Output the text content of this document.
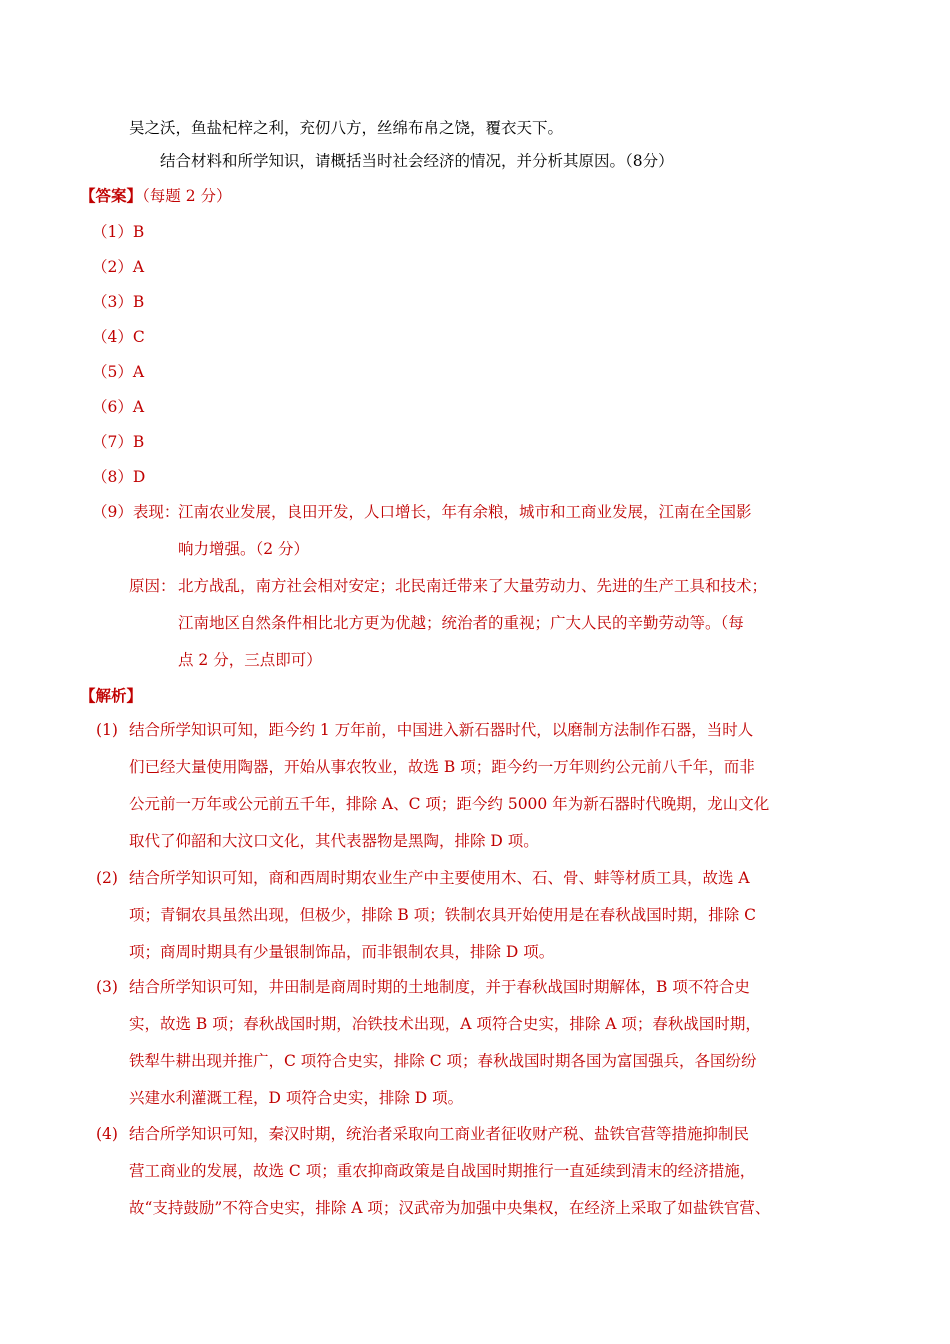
吴之沃，鱼盐杞梓之利，充仞八方，丝绵布帛之饶，覆衣天下。
结合材料和所学知识，请概括当时社会经济的情况，并分析其原因。（8分）
【答案】（每题 2 分）
（1）B
（2）A
（3）B
（4）C
（5）A
（6）A
（7）B
（8）D
（9）表现：
江南农业发展，良田开发，人口增长，年有余粮，城市和工商业发展，江南在全国影
响力增强。（2 分）
原因： 北方战乱，南方社会相对安定；北民南迁带来了大量劳动力、先进的生产工具和技术；
江南地区自然条件相比北方更为优越；统治者的重视；广大人民的辛勤劳动等。（每
点 2 分，三点即可）
【解析】
(1) 结合所学知识可知，距今约 1 万年前，中国进入新石器时代，以磨制方法制作石器，当时人
们已经大量使用陶器，开始从事农牧业，故选 B 项；距今约一万年则约公元前八千年，而非
公元前一万年或公元前五千年，排除 A、C 项；距今约 5000 年为新石器时代晚期，龙山文化
取代了仰韶和大汶口文化，其代表器物是黑陶，排除 D 项。
(2) 结合所学知识可知，商和西周时期农业生产中主要使用木、石、骨、蚌等材质工具，故选 A
项；青铜农具虽然出现，但极少，排除 B 项；铁制农具开始使用是在春秋战国时期，排除 C
项；商周时期具有少量银制饰品，而非银制农具，排除 D 项。
(3) 结合所学知识可知，井田制是商周时期的土地制度，并于春秋战国时期解体，B 项不符合史
实，故选 B 项；春秋战国时期，冶铁技术出现，A 项符合史实，排除 A 项；春秋战国时期，
铁犁牛耕出现并推广，C 项符合史实，排除 C 项；春秋战国时期各国为富国强兵，各国纷纷
兴建水利灌溉工程，D 项符合史实，排除 D 项。
(4) 结合所学知识可知，秦汉时期，统治者采取向工商业者征收财产税、盐铁官营等措施抑制民
营工商业的发展，故选 C 项；重农抑商政策是自战国时期推行一直延续到清末的经济措施，
故“支持鼓励”不符合史实，排除 A 项；汉武帝为加强中央集权，在经济上采取了如盐铁官营、
